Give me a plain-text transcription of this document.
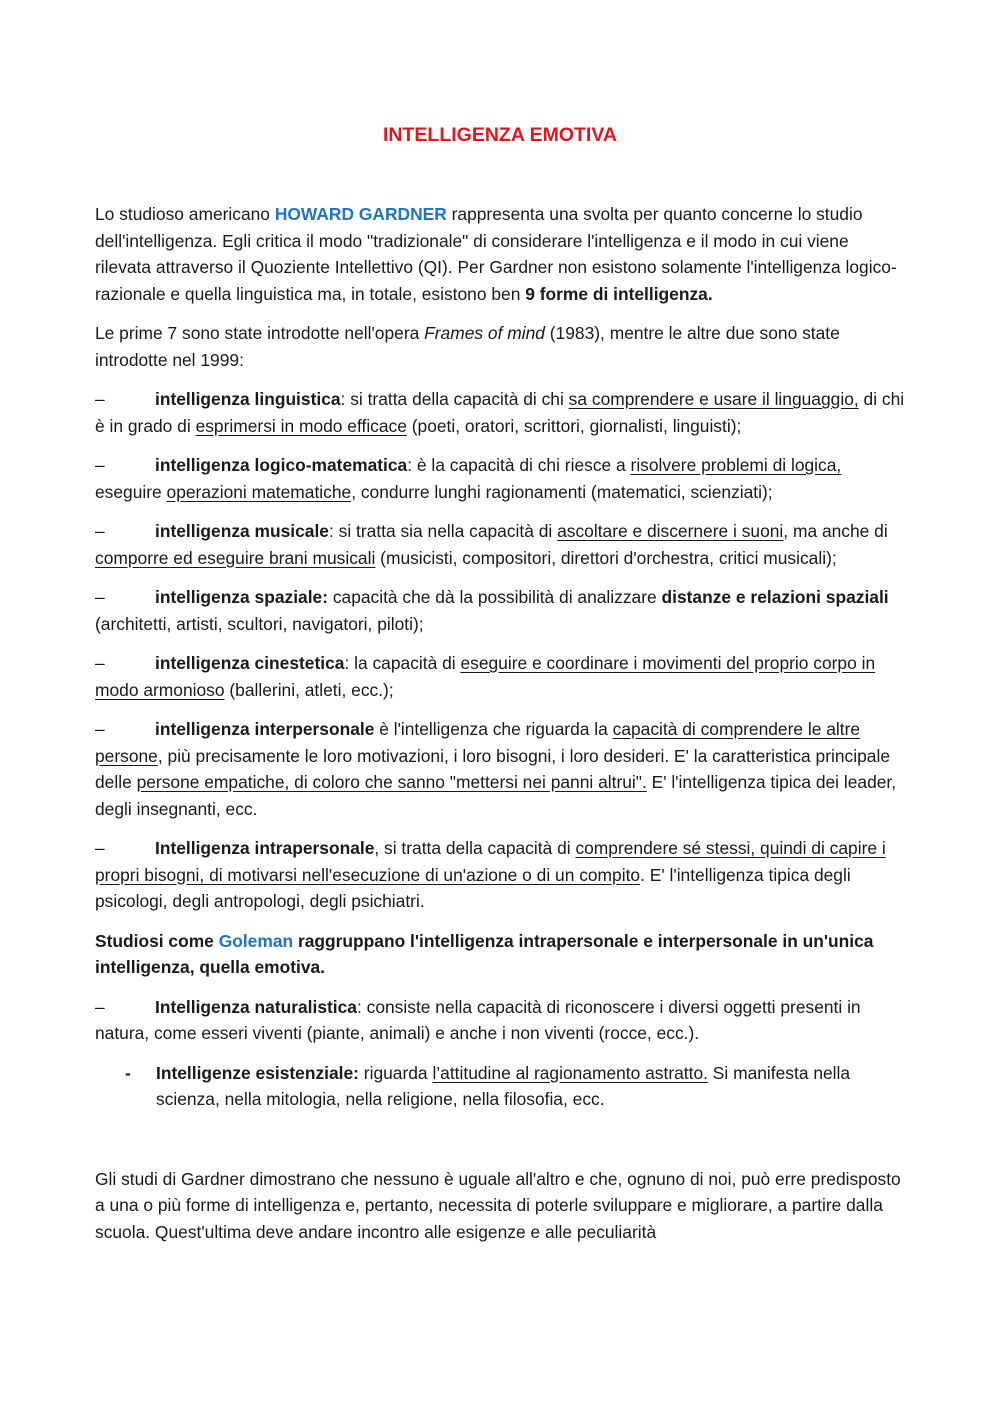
INTELLIGENZA EMOTIVA

Lo studioso americano HOWARD GARDNER rappresenta una svolta per quanto concerne lo studio dell'intelligenza. Egli critica il modo "tradizionale" di considerare l'intelligenza e il modo in cui viene rilevata attraverso il Quoziente Intellettivo (QI). Per Gardner non esistono solamente l'intelligenza logico-razionale e quella linguistica ma, in totale, esistono ben 9 forme di intelligenza.

Le prime 7 sono state introdotte nell'opera Frames of mind (1983), mentre le altre due sono state introdotte nel 1999:

–	intelligenza linguistica: si tratta della capacità di chi sa comprendere e usare il linguaggio, di chi è in grado di esprimersi in modo efficace (poeti, oratori, scrittori, giornalisti, linguisti);

–	intelligenza logico-matematica: è la capacità di chi riesce a risolvere problemi di logica, eseguire operazioni matematiche, condurre lunghi ragionamenti (matematici, scienziati);

–	intelligenza musicale: si tratta sia nella capacità di ascoltare e discernere i suoni, ma anche di comporre ed eseguire brani musicali (musicisti, compositori, direttori d'orchestra, critici musicali);

–	intelligenza spaziale: capacità che dà la possibilità di analizzare distanze e relazioni spaziali (architetti, artisti, scultori, navigatori, piloti);

–	intelligenza cinestetica: la capacità di eseguire e coordinare i movimenti del proprio corpo in modo armonioso (ballerini, atleti, ecc.);

–	intelligenza interpersonale è l'intelligenza che riguarda la capacità di comprendere le altre persone, più precisamente le loro motivazioni, i loro bisogni, i loro desideri. E' la caratteristica principale delle persone empatiche, di coloro che sanno "mettersi nei panni altrui". E' l'intelligenza tipica dei leader, degli insegnanti, ecc.

–	Intelligenza intrapersonale, si tratta della capacità di comprendere sé stessi, quindi di capire i propri bisogni, di motivarsi nell'esecuzione di un'azione o di un compito. E' l'intelligenza tipica degli psicologi, degli antropologi, degli psichiatri.

Studiosi come Goleman raggruppano l'intelligenza intrapersonale e interpersonale in un'unica intelligenza, quella emotiva.

–	Intelligenza naturalistica: consiste nella capacità di riconoscere i diversi oggetti presenti in natura, come esseri viventi (piante, animali) e anche i non viventi (rocce, ecc.).

- Intelligenze esistenziale: riguarda l’attitudine al ragionamento astratto. Si manifesta nella scienza, nella mitologia, nella religione, nella filosofia, ecc.

Gli studi di Gardner dimostrano che nessuno è uguale all'altro e che, ognuno di noi, può erre predisposto a una o più forme di intelligenza e, pertanto, necessita di poterle sviluppare e migliorare, a partire dalla scuola. Quest'ultima deve andare incontro alle esigenze e alle peculiarità
